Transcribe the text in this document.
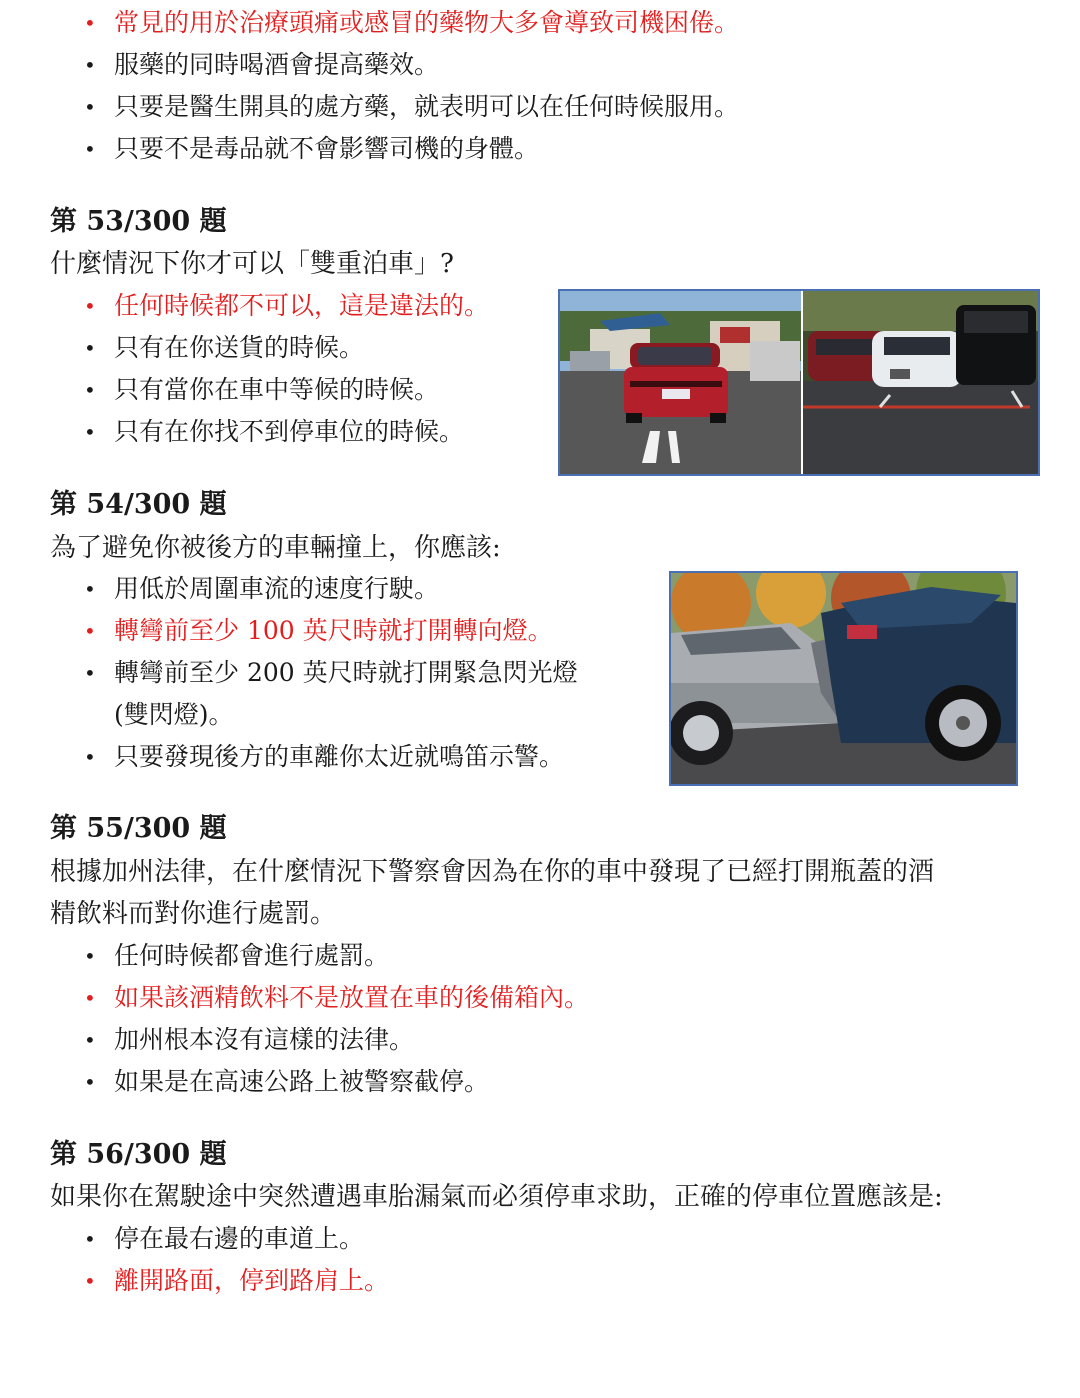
• 常見的用於治療頭痛或感冒的藥物大多會導致司機困倦。
• 服藥的同時喝酒會提高藥效。
• 只要是醫生開具的處方藥，就表明可以在任何時候服用。
• 只要不是毒品就不會影響司機的身體。
第 53/300 題
什麼情況下你才可以「雙重泊車」?
• 任何時候都不可以，這是違法的。
• 只有在你送貨的時候。
• 只有當你在車中等候的時候。
• 只有在你找不到停車位的時候。
第 54/300 題
為了避免你被後方的車輛撞上，你應該:
• 用低於周圍車流的速度行駛。
• 轉彎前至少 100 英尺時就打開轉向燈。
• 轉彎前至少 200 英尺時就打開緊急閃光燈
(雙閃燈)。
• 只要發現後方的車離你太近就鳴笛示警。
第 55/300 題
根據加州法律，在什麼情況下警察會因為在你的車中發現了已經打開瓶蓋的酒
精飲料而對你進行處罰。
• 任何時候都會進行處罰。
• 如果該酒精飲料不是放置在車的後備箱內。
• 加州根本沒有這樣的法律。
• 如果是在高速公路上被警察截停。
第 56/300 題
如果你在駕駛途中突然遭遇車胎漏氣而必須停車求助，正確的停車位置應該是:
• 停在最右邊的車道上。
• 離開路面，停到路肩上。
